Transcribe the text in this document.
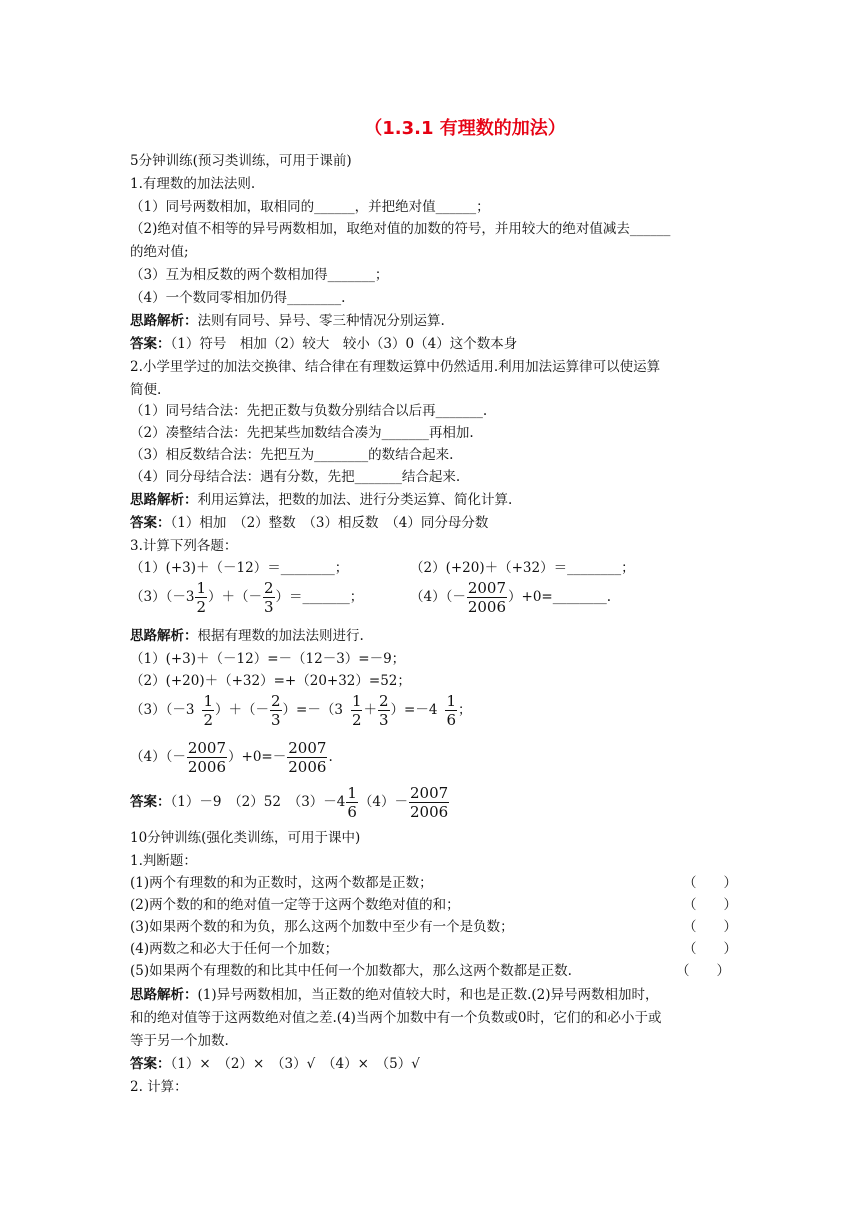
（1.3.1 有理数的加法）
5分钟训练(预习类训练，可用于课前)
1.有理数的加法法则.
（1）同号两数相加，取相同的______，并把绝对值______；
（2)绝对值不相等的异号两数相加，取绝对值的加数的符号，并用较大的绝对值减去______
的绝对值;
（3）互为相反数的两个数相加得_______；
（4）一个数同零相加仍得________.
思路解析：法则有同号、异号、零三种情况分别运算.
答案：（1）符号　相加（2）较大　较小（3）0（4）这个数本身
2.小学里学过的加法交换律、结合律在有理数运算中仍然适用.利用加法运算律可以使运算
简便.
（1）同号结合法：先把正数与负数分别结合以后再_______.
（2）凑整结合法：先把某些加数结合凑为_______再相加.
（3）相反数结合法：先把互为________的数结合起来.
（4）同分母结合法：遇有分数，先把_______结合起来.
思路解析：利用运算法，把数的加法、进行分类运算、简化计算.
答案：（1）相加　（2）整数　（3）相反数　（4）同分母分数
3.计算下列各题：
（1）(+3)＋（－12）＝________；	（2）(+20)＋（+32）＝________；
$(3)(-3 \frac{1}{2}$ ）＋（－ $\frac{2}{3}$ ）＝_______；	$(4)(- \frac{2007}{2006}$ ）+0=________.
思路解析：根据有理数的加法法则进行.
（1）(+3)＋（－12）=－（12－3）=－9；
（2）(+20)＋（+32）=+（20+32）=52；
$(3)(-3 \frac{1}{2}$ ）＋（－ $\frac{2}{3} )=-(3 \frac{1}{2} + \frac{2}{3} )=-4 \frac{1}{6}$ ；
$(4)(- \frac{2007}{2006} )+0=- \frac{2007}{2006}$ .
答案：（1）－9　（2）52　$(3)-4 \frac{1}{6} (4)- \frac{2007}{2006}$
10分钟训练(强化类训练，可用于课中)
1.判断题：
(1)两个有理数的和为正数时，这两个数都是正数；	（　　）
(2)两个数的和的绝对值一定等于这两个数绝对值的和；	（　　）
(3)如果两个数的和为负，那么这两个加数中至少有一个是负数；	（　　）
(4)两数之和必大于任何一个加数；	（　　）
(5)如果两个有理数的和比其中任何一个加数都大，那么这两个数都是正数.	（　　）
思路解析：(1)异号两数相加，当正数的绝对值较大时，和也是正数.(2)异号两数相加时，
和的绝对值等于这两数绝对值之差.(4)当两个加数中有一个负数或0时，它们的和必小于或
等于另一个加数.
答案：（1）×　（2）×　（3）√　（4）×　（5）√
2. 计算：
